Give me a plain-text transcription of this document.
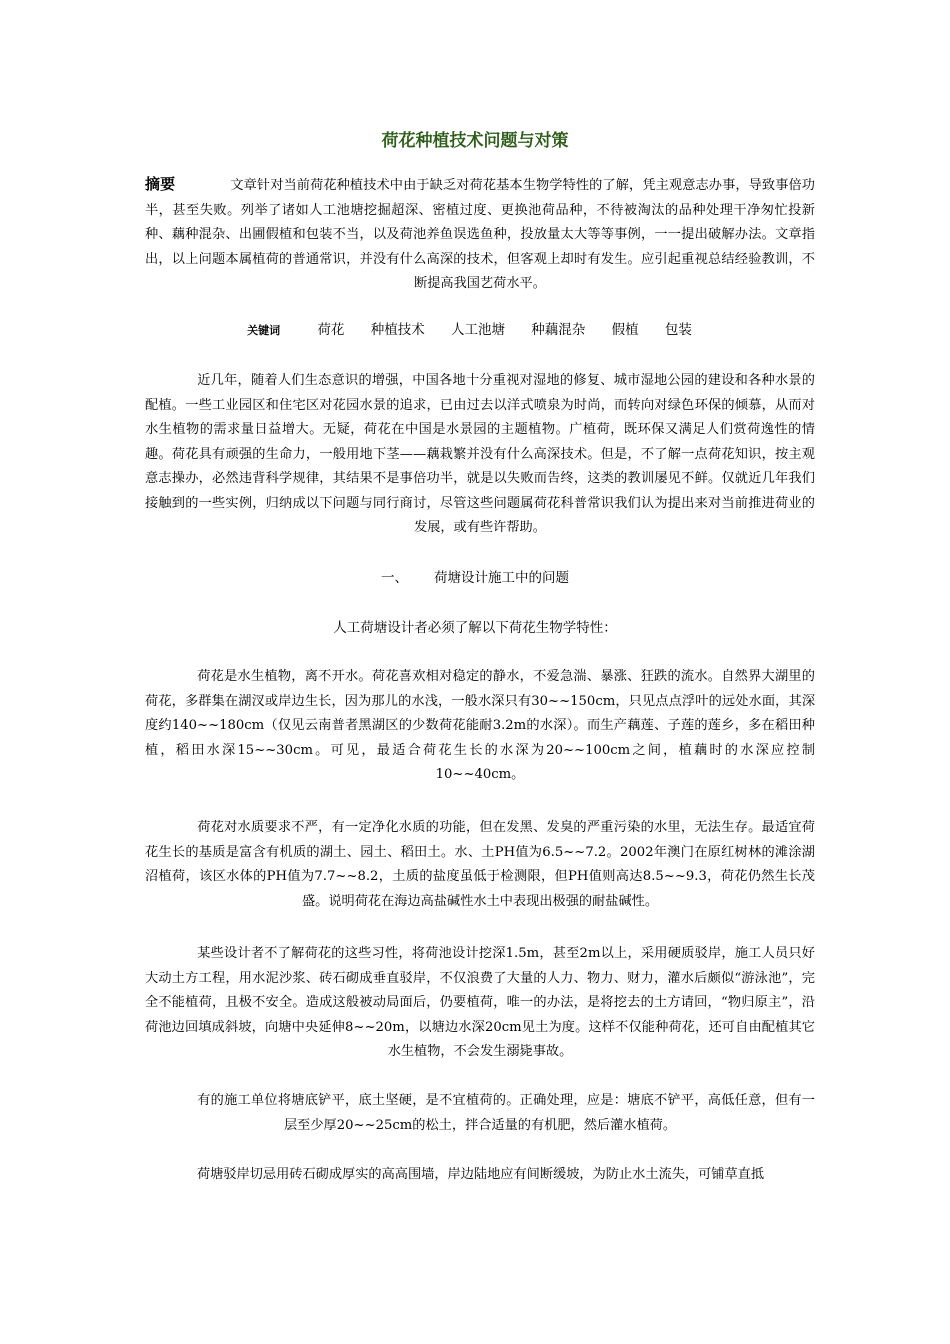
荷花种植技术问题与对策
摘要	文章针对当前荷花种植技术中由于缺乏对荷花基本生物学特性的了解，凭主观意志办事，导致事倍功半，甚至失败。列举了诸如人工池塘挖掘超深、密植过度、更换池荷品种，不待被淘汰的品种处理干净匆忙投新种、藕种混杂、出圃假植和包装不当，以及荷池养鱼误选鱼种，投放量太大等等事例，一一提出破解办法。文章指出，以上问题本属植荷的普通常识，并没有什么高深的技术，但客观上却时有发生。应引起重视总结经验教训，不断提高我国艺荷水平。
关键词	荷花 种植技术 人工池塘 种藕混杂 假植 包装
近几年，随着人们生态意识的增强，中国各地十分重视对湿地的修复、城市湿地公园的建设和各种水景的配植。一些工业园区和住宅区对花园水景的追求，已由过去以洋式喷泉为时尚，而转向对绿色环保的倾慕，从而对水生植物的需求量日益增大。无疑，荷花在中国是水景园的主题植物。广植荷，既环保又满足人们赏荷逸性的情趣。荷花具有顽强的生命力，一般用地下茎——藕栽繁并没有什么高深技术。但是，不了解一点荷花知识，按主观意志操办，必然违背科学规律，其结果不是事倍功半，就是以失败而告终，这类的教训屡见不鲜。仅就近几年我们接触到的一些实例，归纳成以下问题与同行商讨，尽管这些问题属荷花科普常识我们认为提出来对当前推进荷业的发展，或有些许帮助。
一、 荷塘设计施工中的问题
人工荷塘设计者必须了解以下荷花生物学特性：
荷花是水生植物，离不开水。荷花喜欢相对稳定的静水，不爱急湍、暴涨、狂跌的流水。自然界大湖里的荷花，多群集在湖汊或岸边生长，因为那儿的水浅，一般水深只有30~~150cm，只见点点浮叶的远处水面，其深度约140~~180cm（仅见云南普者黑湖区的少数荷花能耐3.2m的水深）。而生产藕莲、子莲的莲乡，多在稻田种植，稻田水深15~~30cm。可见，最适合荷花生长的水深为20~~100cm之间，植藕时的水深应控制10~~40cm。
荷花对水质要求不严，有一定净化水质的功能，但在发黑、发臭的严重污染的水里，无法生存。最适宜荷花生长的基质是富含有机质的湖土、园土、稻田土。水、土PH值为6.5~~7.2。2002年澳门在原红树林的滩涂湖沼植荷，该区水体的PH值为7.7~~8.2，土质的盐度虽低于检测限，但PH值则高达8.5~~9.3，荷花仍然生长茂盛。说明荷花在海边高盐碱性水土中表现出极强的耐盐碱性。
某些设计者不了解荷花的这些习性，将荷池设计挖深1.5m，甚至2m以上，采用硬质驳岸，施工人员只好大动土方工程，用水泥沙浆、砖石砌成垂直驳岸，不仅浪费了大量的人力、物力、财力，灌水后颇似“游泳池”，完全不能植荷，且极不安全。造成这般被动局面后，仍要植荷，唯一的办法，是将挖去的土方请回，“物归原主”，沿荷池边回填成斜坡，向塘中央延伸8~~20m，以塘边水深20cm见土为度。这样不仅能种荷花，还可自由配植其它水生植物，不会发生溺毙事故。
有的施工单位将塘底铲平，底土坚硬，是不宜植荷的。正确处理，应是：塘底不铲平，高低任意，但有一层至少厚20~~25cm的松土，拌合适量的有机肥，然后灌水植荷。
荷塘驳岸切忌用砖石砌成厚实的高高围墙，岸边陆地应有间断缓坡，为防止水土流失，可铺草直抵
